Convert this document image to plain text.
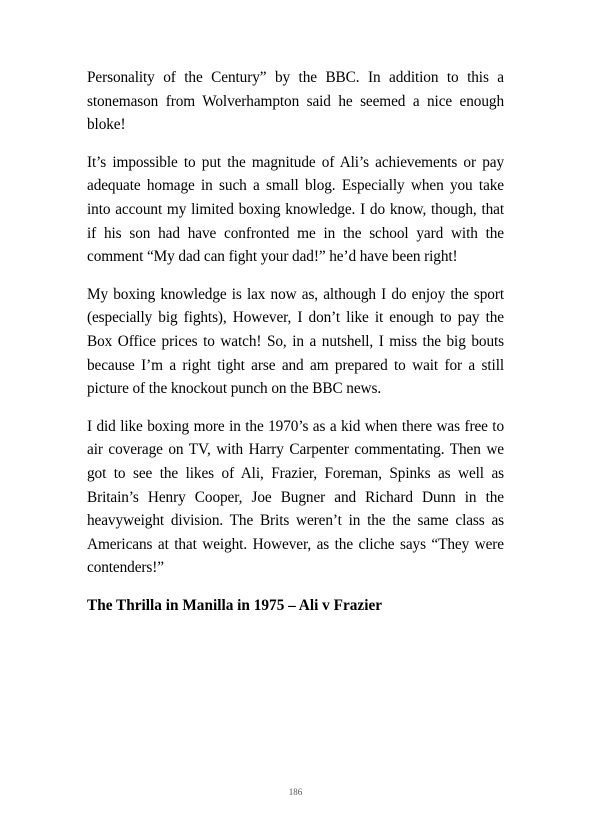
Personality of the Century” by the BBC. In addition to this a stonemason from Wolverhampton said he seemed a nice enough bloke!

It’s impossible to put the magnitude of Ali’s achievements or pay adequate homage in such a small blog. Especially when you take into account my limited boxing knowledge. I do know, though, that if his son had have confronted me in the school yard with the comment “My dad can fight your dad!” he’d have been right!

My boxing knowledge is lax now as, although I do enjoy the sport (especially big fights), However, I don’t like it enough to pay the Box Office prices to watch! So, in a nutshell, I miss the big bouts because I’m a right tight arse and am prepared to wait for a still picture of the knockout punch on the BBC news.

I did like boxing more in the 1970’s as a kid when there was free to air coverage on TV, with Harry Carpenter commentating. Then we got to see the likes of Ali, Frazier, Foreman, Spinks as well as Britain’s Henry Cooper, Joe Bugner and Richard Dunn in the heavyweight division. The Brits weren’t in the the same class as Americans at that weight. However, as the cliche says “They were contenders!”

The Thrilla in Manilla in 1975 – Ali v Frazier

186
